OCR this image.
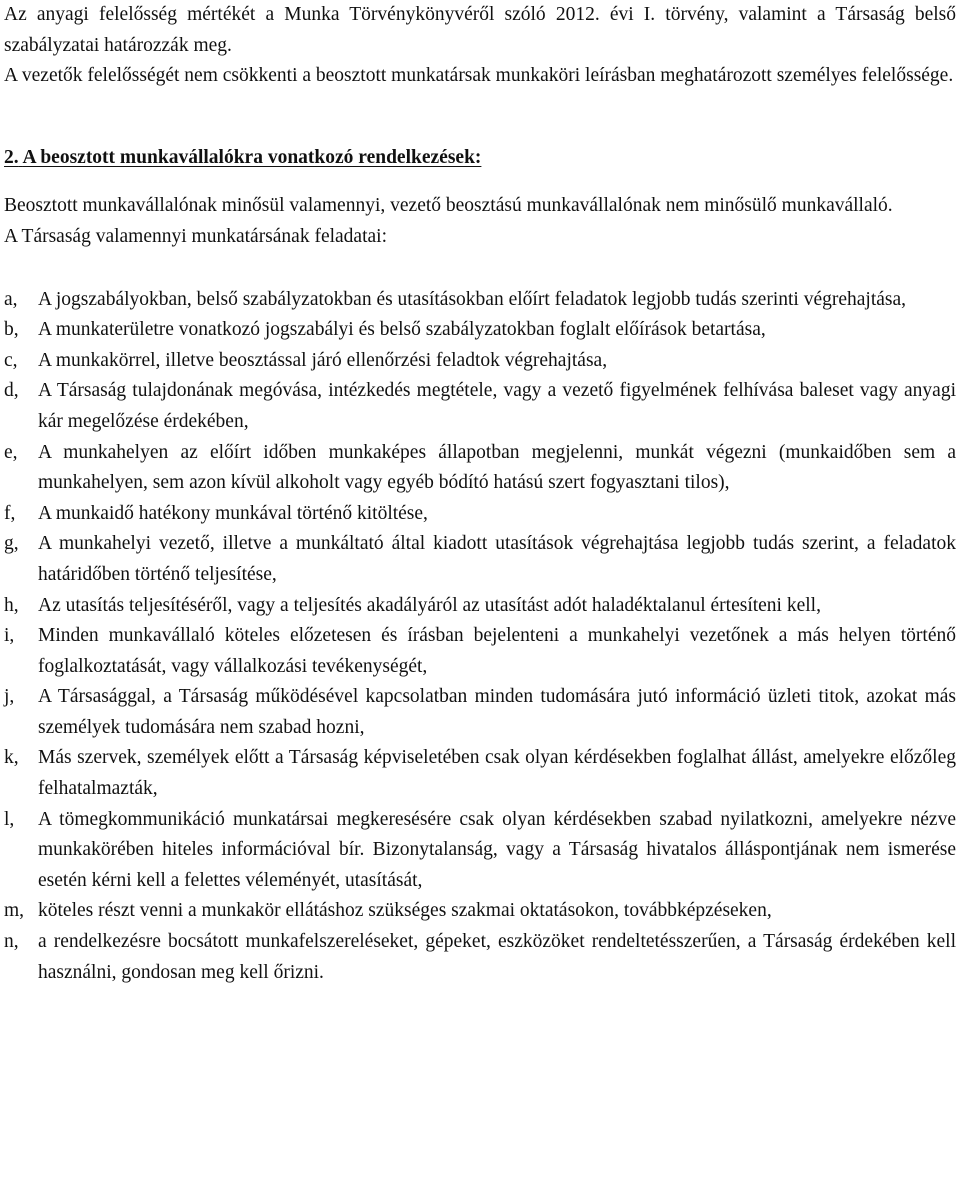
Az anyagi felelősség mértékét a Munka Törvénykönyvéről szóló 2012. évi I. törvény, valamint a Társaság belső szabályzatai határozzák meg.

A vezetők felelősségét nem csökkenti a beosztott munkatársak munkaköri leírásban meghatározott személyes felelőssége.

2. A beosztott munkavállalókra vonatkozó rendelkezések:

Beosztott munkavállalónak minősül valamennyi, vezető beosztású munkavállalónak nem minősülő munkavállaló.

A Társaság valamennyi munkatársának feladatai:

a,	A jogszabályokban, belső szabályzatokban és utasításokban előírt feladatok legjobb tudás szerinti végrehajtása,
b, A munkaterületre vonatkozó jogszabályi és belső szabályzatokban foglalt előírások betartása,
c,	A munkakörrel, illetve beosztással járó ellenőrzési feladtok végrehajtása,
d, A Társaság tulajdonának megóvása, intézkedés megtétele, vagy a vezető figyelmének felhívása baleset vagy anyagi kár megelőzése érdekében,
e,	A munkahelyen az előírt időben munkaképes állapotban megjelenni, munkát végezni (munkaidőben sem a munkahelyen, sem azon kívül alkoholt vagy egyéb bódító hatású szert fogyasztani tilos),
f,	A munkaidő hatékony munkával történő kitöltése,
g, A munkahelyi vezető, illetve a munkáltató által kiadott utasítások végrehajtása legjobb tudás szerint, a feladatok határidőben történő teljesítése,
h, Az utasítás teljesítéséről, vagy a teljesítés akadályáról az utasítást adót haladéktalanul értesíteni kell,
i,	Minden munkavállaló köteles előzetesen és írásban bejelenteni a munkahelyi vezetőnek a más helyen történő foglalkoztatását, vagy vállalkozási tevékenységét,
j,	A Társasággal, a Társaság működésével kapcsolatban minden tudomására jutó információ üzleti titok, azokat más személyek tudomására nem szabad hozni,
k, Más szervek, személyek előtt a Társaság képviseletében csak olyan kérdésekben foglalhat állást, amelyekre előzőleg felhatalmazták,
l,	A tömegkommunikáció munkatársai megkeresésére csak olyan kérdésekben szabad nyilatkozni, amelyekre nézve munkakörében hiteles információval bír. Bizonytalanság, vagy a Társaság hivatalos álláspontjának nem ismerése esetén kérni kell a felettes véleményét, utasítását,
m, köteles részt venni a munkakör ellátáshoz szükséges szakmai oktatásokon, továbbképzéseken,
n, a rendelkezésre bocsátott munkafelszereléseket, gépeket, eszközöket rendeltetésszerűen, a Társaság érdekében kell használni, gondosan meg kell őrizni.
